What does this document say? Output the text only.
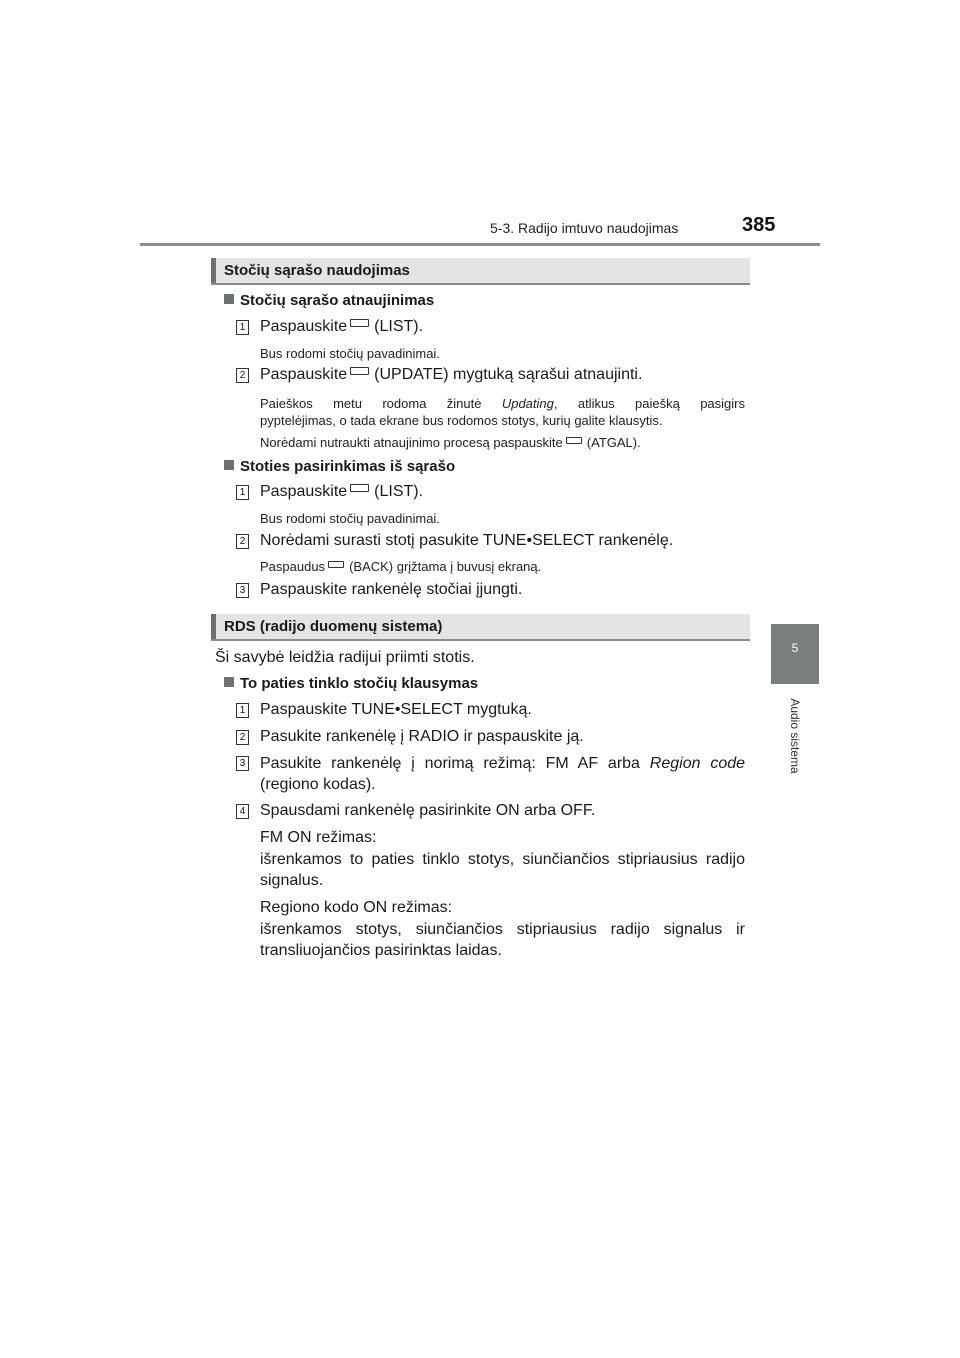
5-3. Radijo imtuvo naudojimas	385
5
Audio sistema
Stočių sąrašo naudojimas
Stočių sąrašo atnaujinimas
1 Paspauskite (LIST).
Bus rodomi stočių pavadinimai.
2 Paspauskite (UPDATE) mygtuką sąrašui atnaujinti.
Paieškos metu rodoma žinutė Updating, atlikus paiešką pasigirs
pyptelėjimas, o tada ekrane bus rodomos stotys, kurių galite klausytis.
Norėdami nutraukti atnaujinimo procesą paspauskite (ATGAL).
Stoties pasirinkimas iš sąrašo
1 Paspauskite (LIST).
Bus rodomi stočių pavadinimai.
2 Norėdami surasti stotį pasukite TUNE•SELECT rankenėlę.
Paspaudus (BACK) grįžtama į buvusį ekraną.
3 Paspauskite rankenėlę stočiai įjungti.
RDS (radijo duomenų sistema)
Ši savybė leidžia radijui priimti stotis.
To paties tinklo stočių klausymas
1 Paspauskite TUNE•SELECT mygtuką.
2 Pasukite rankenėlę į RADIO ir paspauskite ją.
3 Pasukite rankenėlę į norimą režimą: FM AF arba Region code
(regiono kodas).
4 Spausdami rankenėlę pasirinkite ON arba OFF.
FM ON režimas:
išrenkamos to paties tinklo stotys, siunčiančios stipriausius radijo
signalus.
Regiono kodo ON režimas:
išrenkamos stotys, siunčiančios stipriausius radijo signalus ir
transliuojančios pasirinktas laidas.
